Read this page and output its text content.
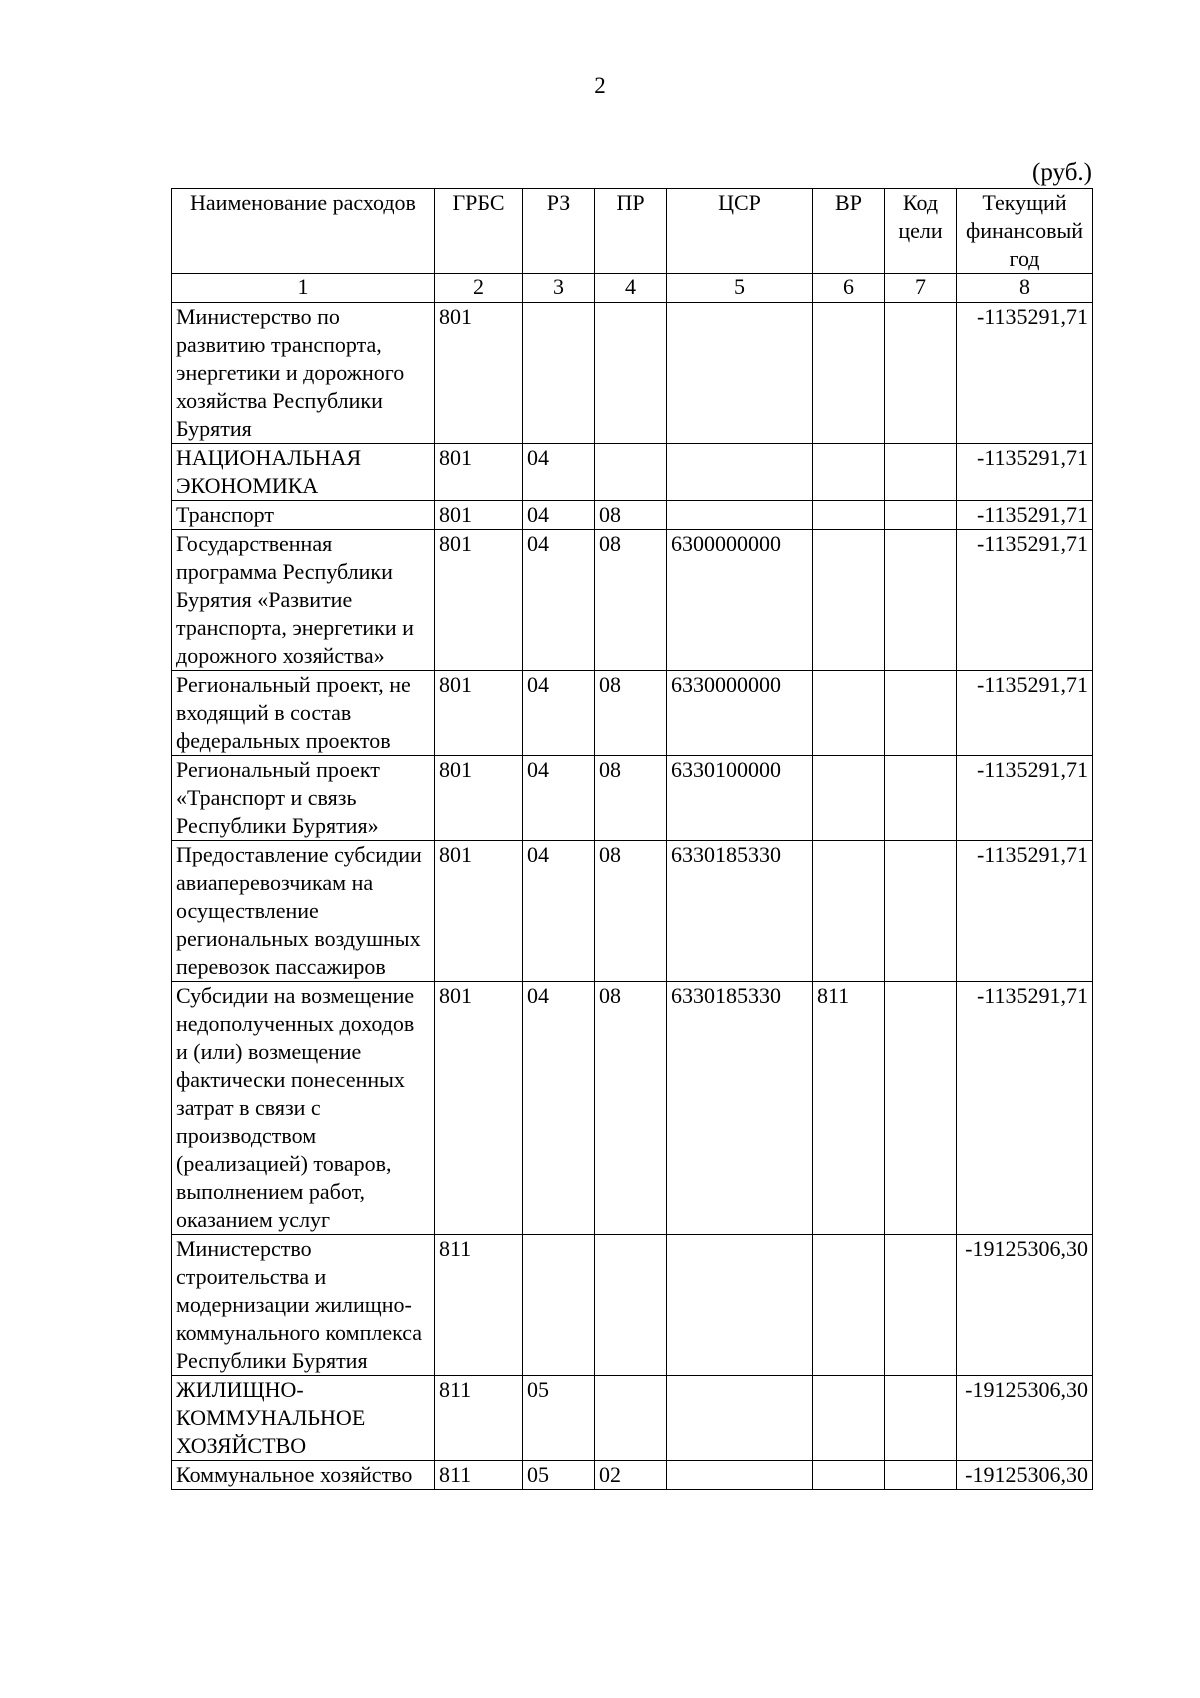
2
(руб.)
Наименование расходов	ГРБС	РЗ	ПР	ЦСР	ВР	Код цели	Текущий финансовый год
1	2	3	4	5	6	7	8
Министерство по развитию транспорта, энергетики и дорожного хозяйства Республики Бурятия	801						-1135291,71
НАЦИОНАЛЬНАЯ ЭКОНОМИКА	801	04					-1135291,71
Транспорт	801	04	08				-1135291,71
Государственная программа Республики Бурятия «Развитие транспорта, энергетики и дорожного хозяйства»	801	04	08	6300000000			-1135291,71
Региональный проект, не входящий в состав федеральных проектов	801	04	08	6330000000			-1135291,71
Региональный проект «Транспорт и связь Республики Бурятия»	801	04	08	6330100000			-1135291,71
Предоставление субсидии авиаперевозчикам на осуществление региональных воздушных перевозок пассажиров	801	04	08	6330185330			-1135291,71
Субсидии на возмещение недополученных доходов и (или) возмещение фактически понесенных затрат в связи с производством (реализацией) товаров, выполнением работ, оказанием услуг	801	04	08	6330185330	811		-1135291,71
Министерство строительства и модернизации жилищно-коммунального комплекса Республики Бурятия	811						-19125306,30
ЖИЛИЩНО-КОММУНАЛЬНОЕ ХОЗЯЙСТВО	811	05					-19125306,30
Коммунальное хозяйство	811	05	02				-19125306,30
